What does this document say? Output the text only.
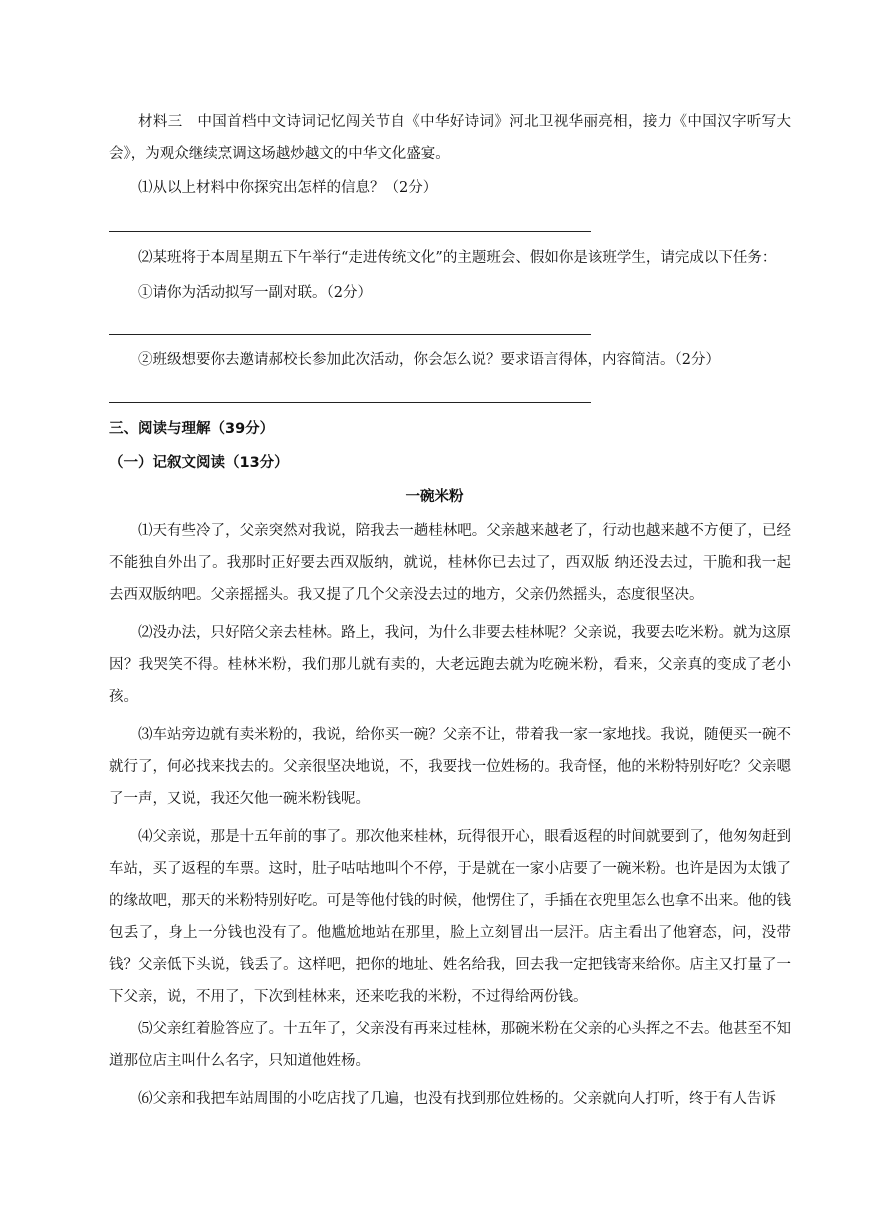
材料三　中国首档中文诗词记忆闯关节自《中华好诗词》河北卫视华丽亮相，接力《中国汉字听写大会》，为观众继续烹调这场越炒越文的中华文化盛宴。

⑴从以上材料中你探究出怎样的信息？（2分）

⑵某班将于本周星期五下午举行“走进传统文化”的主题班会、假如你是该班学生，请完成以下任务：

①请你为活动拟写一副对联。（2分）

②班级想要你去邀请郝校长参加此次活动，你会怎么说？要求语言得体，内容简洁。（2分）

三、阅读与理解（39分）

（一）记叙文阅读（13分）

一碗米粉

⑴天有些冷了，父亲突然对我说，陪我去一趟桂林吧。父亲越来越老了，行动也越来越不方便了，已经不能独自外出了。我那时正好要去西双版纳，就说，桂林你已去过了，西双版 纳还没去过，干脆和我一起去西双版纳吧。父亲摇摇头。我又提了几个父亲没去过的地方，父亲仍然摇头，态度很坚决。

⑵没办法，只好陪父亲去桂林。路上，我问，为什么非要去桂林呢？父亲说，我要去吃米粉。就为这原因？我哭笑不得。桂林米粉，我们那儿就有卖的，大老远跑去就为吃碗米粉，看来，父亲真的变成了老小孩。

⑶车站旁边就有卖米粉的，我说，给你买一碗？父亲不让，带着我一家一家地找。我说，随便买一碗不就行了，何必找来找去的。父亲很坚决地说，不，我要找一位姓杨的。我奇怪，他的米粉特别好吃？父亲嗯了一声，又说，我还欠他一碗米粉钱呢。

⑷父亲说，那是十五年前的事了。那次他来桂林，玩得很开心，眼看返程的时间就要到了，他匆匆赶到车站，买了返程的车票。这时，肚子咕咕地叫个不停，于是就在一家小店要了一碗米粉。也许是因为太饿了的缘故吧，那天的米粉特别好吃。可是等他付钱的时候，他愣住了，手插在衣兜里怎么也拿不出来。他的钱包丢了，身上一分钱也没有了。他尴尬地站在那里，脸上立刻冒出一层汗。店主看出了他窘态，问，没带钱？父亲低下头说，钱丢了。这样吧，把你的地址、姓名给我，回去我一定把钱寄来给你。店主又打量了一下父亲，说，不用了，下次到桂林来，还来吃我的米粉，不过得给两份钱。

⑸父亲红着脸答应了。十五年了，父亲没有再来过桂林，那碗米粉在父亲的心头挥之不去。他甚至不知道那位店主叫什么名字，只知道他姓杨。

⑹父亲和我把车站周围的小吃店找了几遍，也没有找到那位姓杨的。父亲就向人打听，终于有人告诉
